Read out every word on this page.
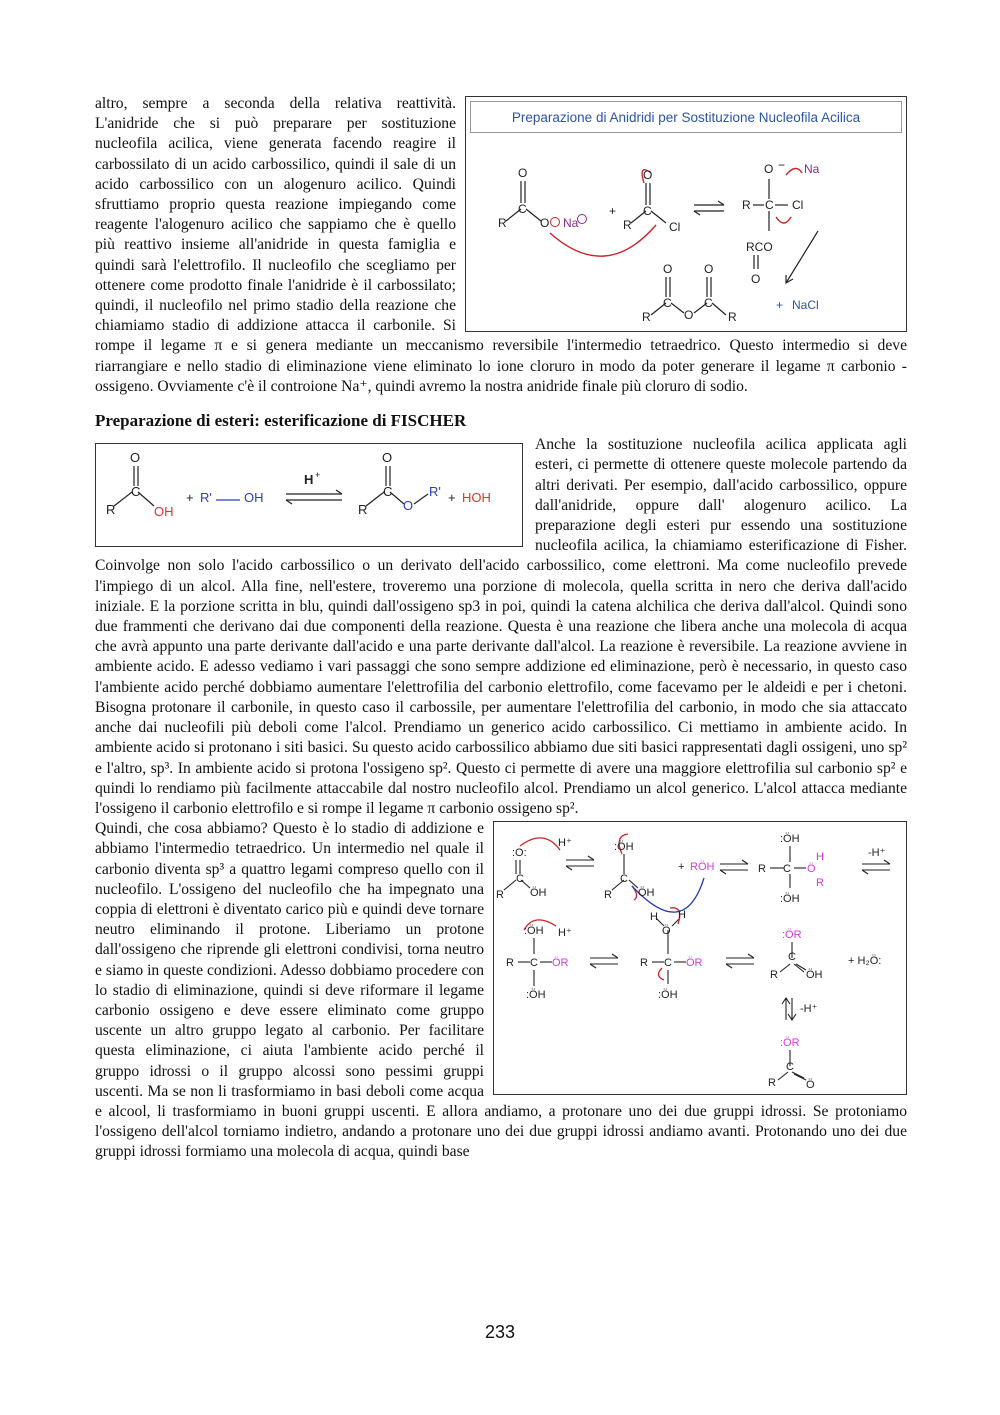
Preparazione di Anidridi per Sostituzione Nucleofila Acilica
R
C
O
O Na
+
R
C
O
Cl
R C
O − Na
Cl
RCO
O
R
C
O
O
C
O
R
+ NaCl

altro, sempre a seconda della relativa reattività. L'anidride che si può preparare per sostituzione nucleofila acilica, viene generata facendo reagire il carbossilato di un acido carbossilico, quindi il sale di un acido carbossilico con un alogenuro acilico. Quindi sfruttiamo proprio questa reazione impiegando come reagente l'alogenuro acilico che sappiamo che è quello più reattivo insieme all'anidride in questa famiglia e quindi sarà l'elettrofilo. Il nucleofilo che scegliamo per ottenere come prodotto finale l'anidride è il carbossilato; quindi, il nucleofilo nel primo stadio della reazione che chiamiamo stadio di addizione attacca il carbonile. Si rompe il legame π e si genera mediante un meccanismo reversibile l'intermedio tetraedrico. Questo intermedio si deve riarrangiare e nello stadio di eliminazione viene eliminato lo ione cloruro in modo da poter generare il legame π carbonio - ossigeno. Ovviamente c'è il controione Na⁺, quindi avremo la nostra anidride finale più cloruro di sodio.

Preparazione di esteri: esterificazione di FISCHER
R
C
O
OH
+ R' OH
H +
R
C
O
O
R' + HOH

Anche la sostituzione nucleofila acilica applicata agli esteri, ci permette di ottenere queste molecole partendo da altri derivati. Per esempio, dall'acido carbossilico, oppure dall'anidride, oppure dall' alogenuro acilico. La preparazione degli esteri pur essendo una sostituzione nucleofila acilica, la chiamiamo esterificazione di Fisher. Coinvolge non solo l'acido carbossilico o un derivato dell'acido carbossilico, come elettroni. Ma come nucleofilo prevede l'impiego di un alcol. Alla fine, nell'estere, troveremo una porzione di molecola, quella scritta in nero che deriva dall'acido iniziale. E la porzione scritta in blu, quindi dall'ossigeno sp3 in poi, quindi la catena alchilica che deriva dall'alcol. Quindi sono due frammenti che derivano dai due componenti della reazione. Questa è una reazione che libera anche una molecola di acqua che avrà appunto una parte derivante dall'acido e una parte derivante dall'alcol. La reazione è reversibile. La reazione avviene in ambiente acido. E adesso vediamo i vari passaggi che sono sempre addizione ed eliminazione, però è necessario, in questo caso l'ambiente acido perché dobbiamo aumentare l'elettrofilia del carbonio elettrofilo, come facevamo per le aldeidi e per i chetoni. Bisogna protonare il carbonile, in questo caso il carbossile, per aumentare l'elettrofilia del carbonio, in modo che sia attaccato anche dai nucleofili più deboli come l'alcol. Prendiamo un generico acido carbossilico. Ci mettiamo in ambiente acido. In ambiente acido si protonano i siti basici. Su questo acido carbossilico abbiamo due siti basici rappresentati dagli ossigeni, uno sp² e l'altro, sp³. In ambiente acido si protona l'ossigeno sp². Questo ci permette di avere una maggiore elettrofilia sul carbonio sp² e quindi lo rendiamo più facilmente attaccabile dal nostro nucleofilo alcol. Prendiamo un alcol generico. L'alcol attacca mediante l'ossigeno il carbonio elettrofilo e si rompe il legame π carbonio ossigeno sp².

:O:
H⁺
R
C
ÖH
:ÖH
R
C
ÖH
+ RÖH	R C
:ÖH
:ÖH
Ö
H
R
-H⁺
:ÖH H⁺
R C ÖR
:ÖH
H H
Ö
R C ÖR
:ÖH
:ÖR
R
C
ÖH
+ H₂Ö:
-H⁺
:ÖR
R
C
Ö

Quindi, che cosa abbiamo? Questo è lo stadio di addizione e abbiamo l'intermedio tetraedrico. Un intermedio nel quale il carbonio diventa sp³ a quattro legami compreso quello con il nucleofilo. L'ossigeno del nucleofilo che ha impegnato una coppia di elettroni è diventato carico più e quindi deve tornare neutro eliminando il protone. Liberiamo un protone dall'ossigeno che riprende gli elettroni condivisi, torna neutro e siamo in queste condizioni. Adesso dobbiamo procedere con lo stadio di eliminazione, quindi si deve riformare il legame carbonio ossigeno e deve essere eliminato come gruppo uscente un altro gruppo legato al carbonio. Per facilitare questa eliminazione, ci aiuta l'ambiente acido perché il gruppo idrossi o il gruppo alcossi sono pessimi gruppi uscenti. Ma se non li trasformiamo in basi deboli come acqua e alcool, li trasformiamo in buoni gruppi uscenti. E allora andiamo, a protonare uno dei due gruppi idrossi. Se protoniamo l'ossigeno dell'alcol torniamo indietro, andando a protonare uno dei due gruppi idrossi andiamo avanti. Protonando uno dei due gruppi idrossi formiamo una molecola di acqua, quindi base

233
